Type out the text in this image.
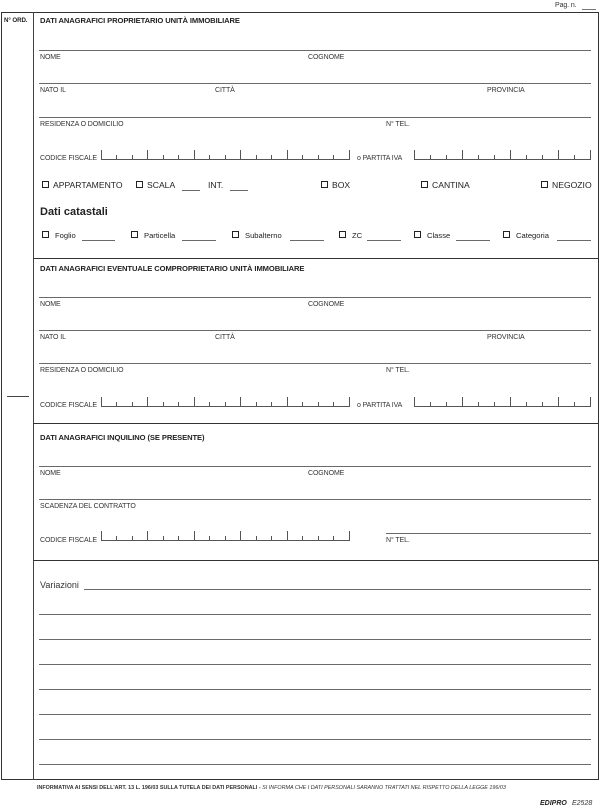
Pag. n.
N° ORD. DATI ANAGRAFICI PROPRIETARIO UNITÀ IMMOBILIARE
NOME	COGNOME
NATO IL	CITTÀ	PROVINCIA
RESIDENZA O DOMICILIO	N° TEL.
CODICE FISCALE	o PARTITA IVA
APPARTAMENTO	SCALA	INT.	BOX	CANTINA	NEGOZIO
Dati catastali
Foglio	Particella	Subalterno	ZC	Classe	Categoria
DATI ANAGRAFICI EVENTUALE COMPROPRIETARIO UNITÀ IMMOBILIARE
NOME	COGNOME
NATO IL	CITTÀ	PROVINCIA
RESIDENZA O DOMICILIO	N° TEL.
CODICE FISCALE	o PARTITA IVA
DATI ANAGRAFICI INQUILINO (SE PRESENTE)
NOME	COGNOME
SCADENZA DEL CONTRATTO
CODICE FISCALE	N° TEL.
Variazioni
INFORMATIVA AI SENSI DELL'ART. 13 L. 196/03 SULLA TUTELA DEI DATI PERSONALI - SI INFORMA CHE I DATI PERSONALI SARANNO TRATTATI NEL RISPETTO DELLA LEGGE 196/03
EDIPRO E2528
